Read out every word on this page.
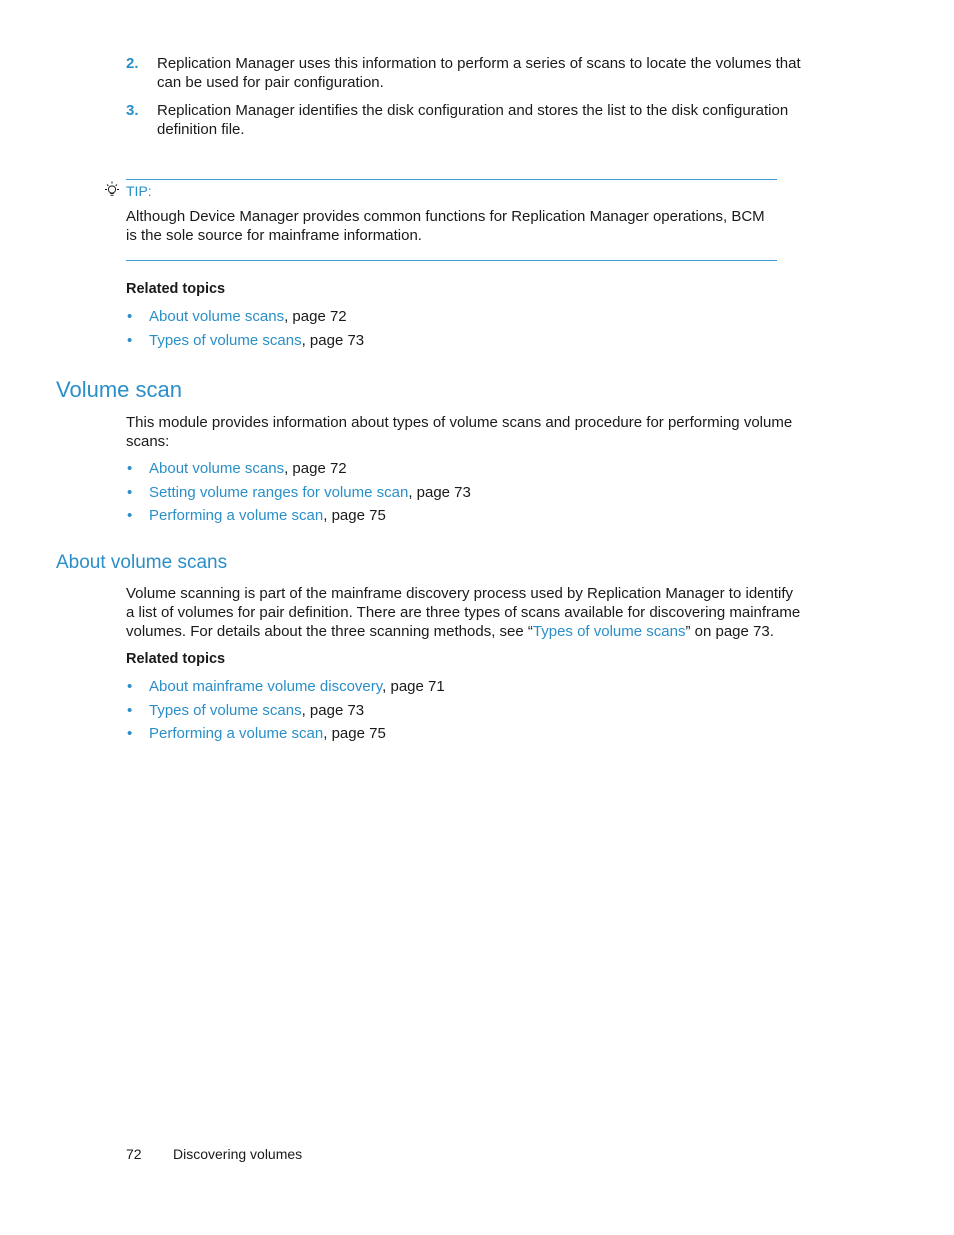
2. Replication Manager uses this information to perform a series of scans to locate the volumes that can be used for pair configuration.
3. Replication Manager identifies the disk configuration and stores the list to the disk configuration definition file.
TIP:
Although Device Manager provides common functions for Replication Manager operations, BCM is the sole source for mainframe information.
Related topics
• About volume scans, page 72
• Types of volume scans, page 73
Volume scan
This module provides information about types of volume scans and procedure for performing volume scans:
• About volume scans, page 72
• Setting volume ranges for volume scan, page 73
• Performing a volume scan, page 75
About volume scans
Volume scanning is part of the mainframe discovery process used by Replication Manager to identify a list of volumes for pair definition. There are three types of scans available for discovering mainframe volumes. For details about the three scanning methods, see “Types of volume scans” on page 73.
Related topics
• About mainframe volume discovery, page 71
• Types of volume scans, page 73
• Performing a volume scan, page 75
72 Discovering volumes
